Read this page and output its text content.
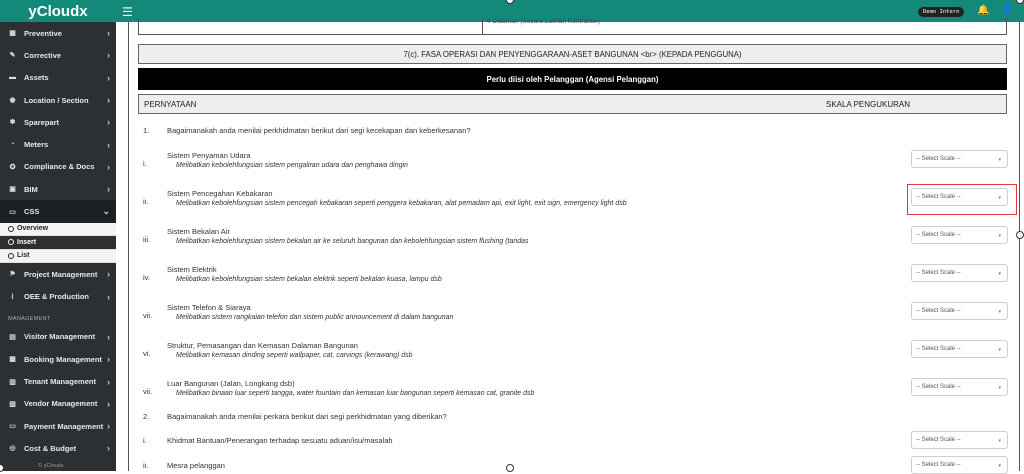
yCloudx
▦ Preventive	›
✎ Corrective	›
▬ Assets	›
◉ Location / Section	›
✱ Sparepart	›
◔	Meters	›
✪ Compliance & Docs	›
▣ BIM	›
▭ CSS	⌄
Overview
Insert
List
⚑ Project Management	›
⌇	OEE & Production	›
MANAGEMENT
▤ Visitor Management	›
▩ Booking Management ›
▥ Tenant Management	›
▧ Vendor Management	›
▭ Payment Management ›
◎ Cost & Budget	›
© yClouds
☰	Demo Intern	🔔 👤
4 Dalaman (Secara Latihan Kontraktor)
7(c). FASA OPERASI DAN PENYENGGARAAN-ASET BANGUNAN <br> (KEPADA PENGGUNA)
Perlu diisi oleh Pelanggan (Agensi Pelanggan)
PERNYATAAN	SKALA PENGUKURAN
1. Bagaimanakah anda menilai perkhidmatan berikut dari segi kecekapan dan keberkesanan?
i.
Sistem Penyaman Udara
Melibatkan kebolehfungsian sistem pengaliran udara dan penghawa dingin
-- Select Scale --	▾
ii.
Sistem Pencegahan Kebakaran
Melibatkan kebolehfungsian sistem pencegah kebakaran seperti penggera kebakaran, alat pemadam api, exit light, exit sign, emergency light dsb
-- Select Scale --	▾
iii.
Sistem Bekalan Air
Melibatkan kebolehfungsian sistem bekalan air ke seluruh bangunan dan kebolehfungsian sistem flushing (tandas
-- Select Scale --	▾
iv.
Sistem Elektrik
Melibatkan kebolehfungsian sistem bekalan elektrik seperti bekalan kuasa, lampu dsb
-- Select Scale --	▾
vii.
Sistem Telefon & Siaraya
Melibatkan sistem rangkaian telefon dan sistem public announcement di dalam bangunan
-- Select Scale --	▾
vi.
Struktur, Pemasangan dan Kemasan Dalaman Bangunan
Melibatkan kemasan dinding seperti wallpaper, cat, carvings (kerawang) dsb
-- Select Scale --	▾
vii.
Luar Bangunan (Jalan, Longkang dsb)
Melibatkan binaan luar seperti tangga, water fountain dan kemasan luar bangunan seperti kemasan cat, granite dsb
-- Select Scale --	▾
2. Bagaimanakah anda menilai perkara berikut dari segi perkhidmatan yang diberikan?
i.	Khidmat Bantuan/Penerangan terhadap sesuatu aduan/isu/masalah	-- Select Scale --	▾
ii. Mesra pelanggan	-- Select Scale --	▾
